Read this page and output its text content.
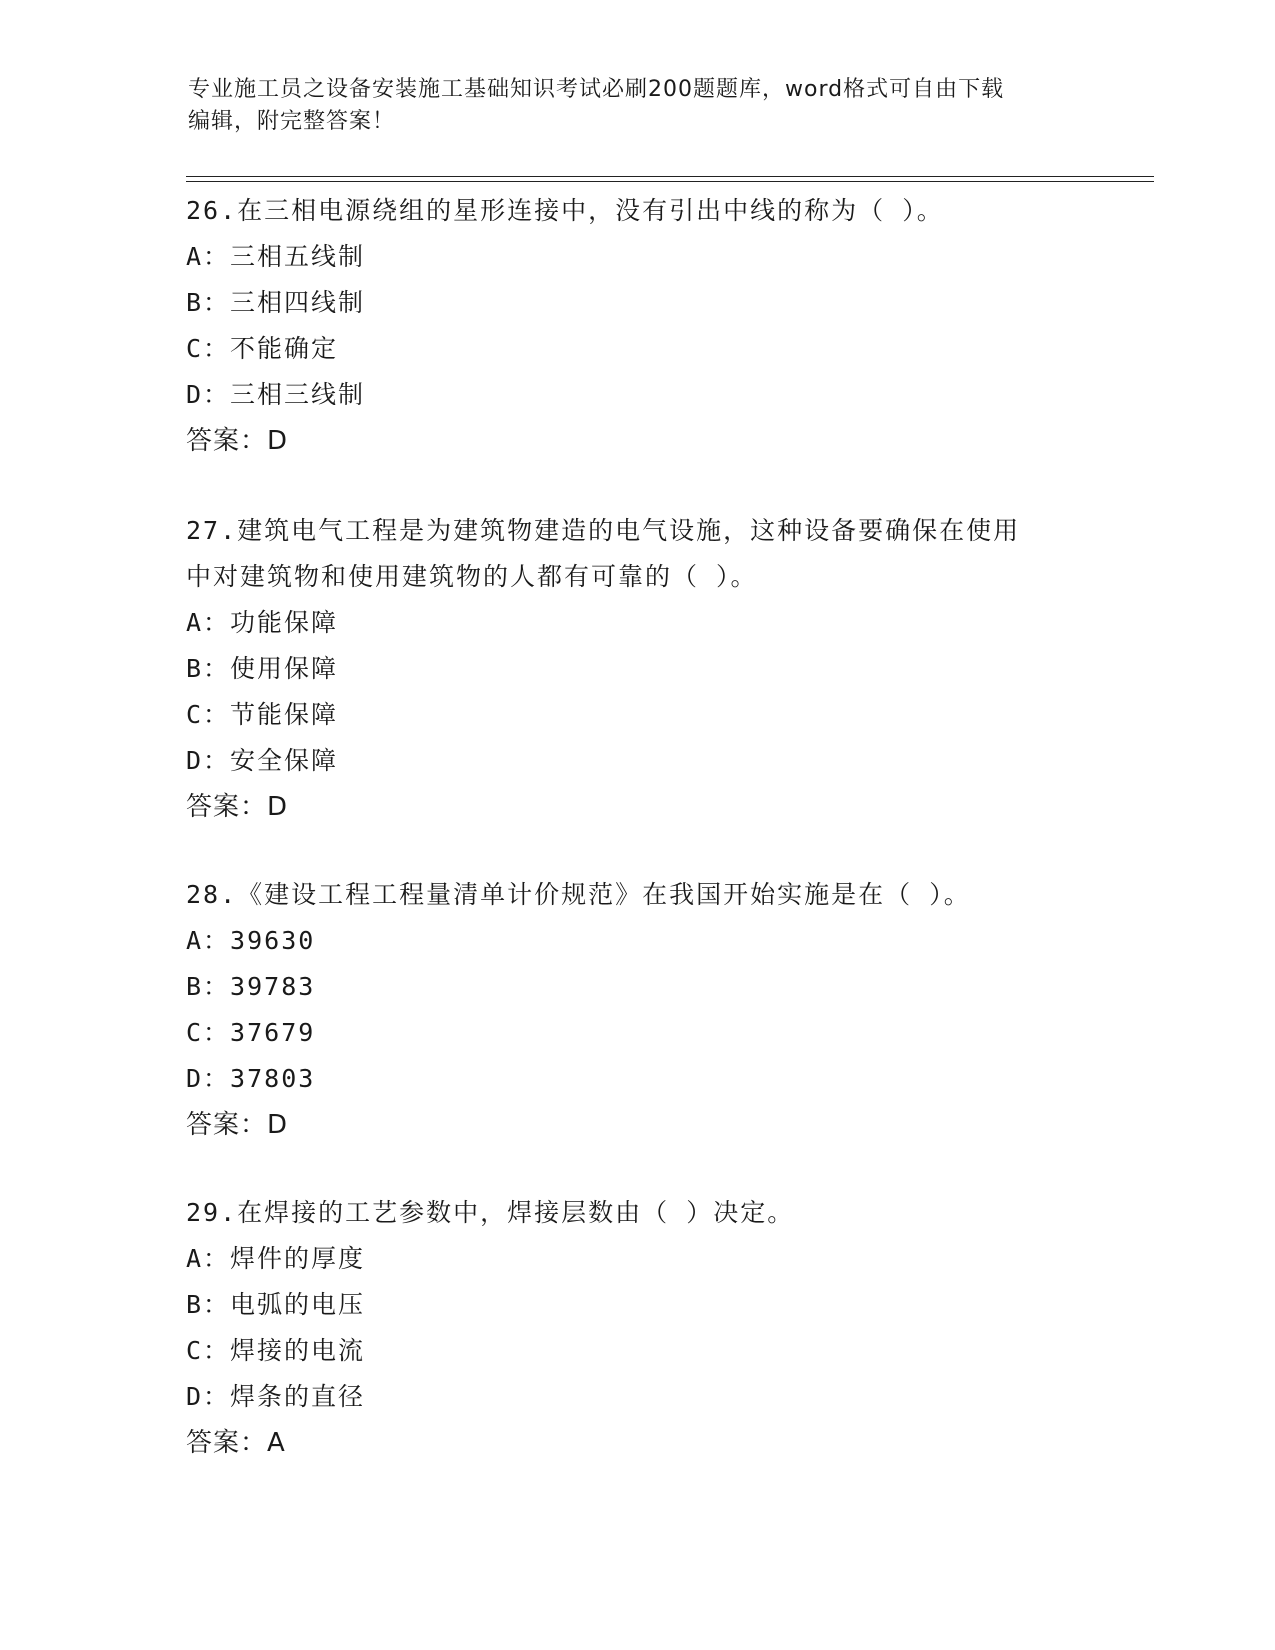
专业施工员之设备安装施工基础知识考试必刷200题题库，word格式可自由下载
编辑，附完整答案！

26.在三相电源绕组的星形连接中，没有引出中线的称为（ ）。

A：三相五线制

B：三相四线制

C：不能确定

D：三相三线制

答案：D

27.建筑电气工程是为建筑物建造的电气设施，这种设备要确保在使用

中对建筑物和使用建筑物的人都有可靠的（ ）。

A：功能保障

B：使用保障

C：节能保障

D：安全保障

答案：D

28.《建设工程工程量清单计价规范》在我国开始实施是在（ ）。

A：39630

B：39783

C：37679

D：37803

答案：D

29.在焊接的工艺参数中，焊接层数由（ ）决定。

A：焊件的厚度

B：电弧的电压

C：焊接的电流

D：焊条的直径

答案：A
